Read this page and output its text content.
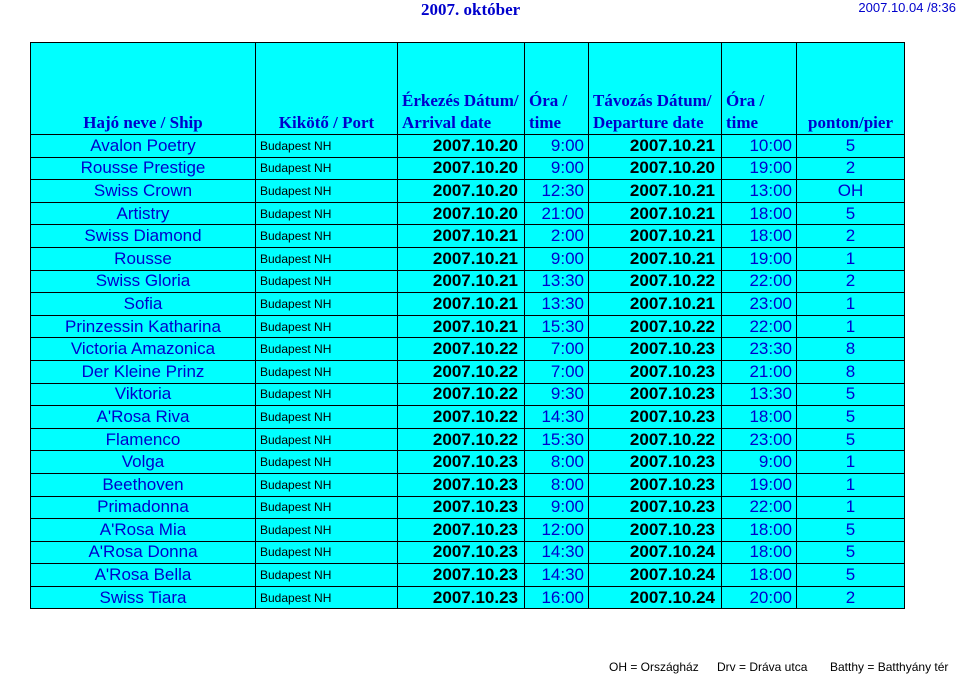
2007. október	2007.10.04 /8:36
Hajó neve / Ship	Kikötő / Port	Érkezés Dátum/ Arrival date	Óra / time	Távozás Dátum/ Departure date	Óra / time	ponton/pier
Avalon Poetry	Budapest NH	2007.10.20	9:00	2007.10.21	10:00	5
Rousse Prestige	Budapest NH	2007.10.20	9:00	2007.10.20	19:00	2
Swiss Crown	Budapest NH	2007.10.20	12:30	2007.10.21	13:00	OH
Artistry	Budapest NH	2007.10.20	21:00	2007.10.21	18:00	5
Swiss Diamond	Budapest NH	2007.10.21	2:00	2007.10.21	18:00	2
Rousse	Budapest NH	2007.10.21	9:00	2007.10.21	19:00	1
Swiss Gloria	Budapest NH	2007.10.21	13:30	2007.10.22	22:00	2
Sofia	Budapest NH	2007.10.21	13:30	2007.10.21	23:00	1
Prinzessin Katharina	Budapest NH	2007.10.21	15:30	2007.10.22	22:00	1
Victoria Amazonica	Budapest NH	2007.10.22	7:00	2007.10.23	23:30	8
Der Kleine Prinz	Budapest NH	2007.10.22	7:00	2007.10.23	21:00	8
Viktoria	Budapest NH	2007.10.22	9:30	2007.10.23	13:30	5
A'Rosa Riva	Budapest NH	2007.10.22	14:30	2007.10.23	18:00	5
Flamenco	Budapest NH	2007.10.22	15:30	2007.10.22	23:00	5
Volga	Budapest NH	2007.10.23	8:00	2007.10.23	9:00	1
Beethoven	Budapest NH	2007.10.23	8:00	2007.10.23	19:00	1
Primadonna	Budapest NH	2007.10.23	9:00	2007.10.23	22:00	1
A'Rosa Mia	Budapest NH	2007.10.23	12:00	2007.10.23	18:00	5
A'Rosa Donna	Budapest NH	2007.10.23	14:30	2007.10.24	18:00	5
A'Rosa Bella	Budapest NH	2007.10.23	14:30	2007.10.24	18:00	5
Swiss Tiara	Budapest NH	2007.10.23	16:00	2007.10.24	20:00	2
OH = Országház Drv = Dráva utca Batthy = Batthyány tér
